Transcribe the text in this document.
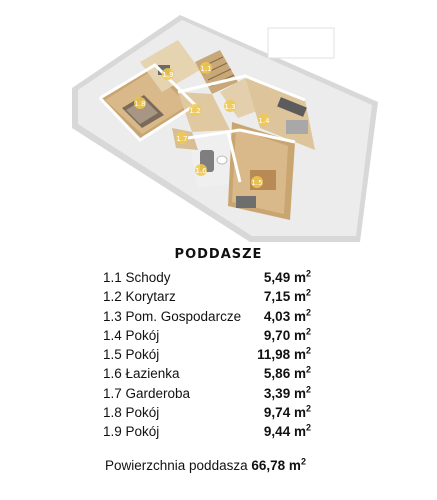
1.1
1.2	1.3
1.4
1.5
1.6
1.7
1.8
1.9
PODDASZE
1.1 Schody	5,49 $m^2$
1.2 Korytarz	7,15 $m^2$
1.3 Pom. Gospodarcze	4,03 $m^2$
1.4 Pokój	9,70 $m^2$
1.5 Pokój	11,98 $m^2$
1.6 Łazienka	5,86 $m^2$
1.7 Garderoba	3,39 $m^2$
1.8 Pokój	9,74 $m^2$
1.9 Pokój	9,44 $m^2$
Powierzchnia poddasza 66,78 $m^2$
